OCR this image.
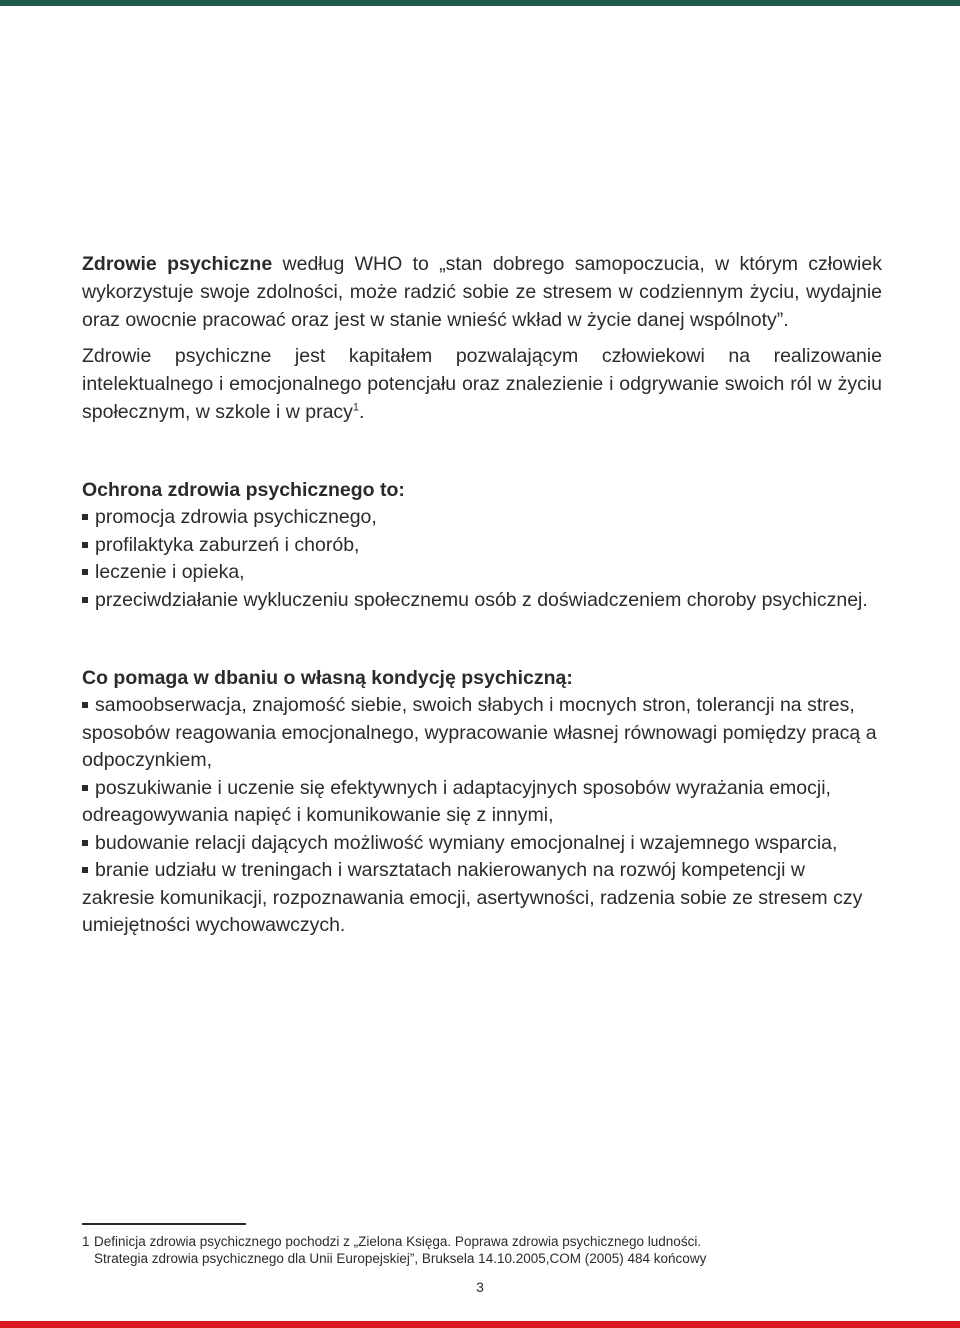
Zdrowie psychiczne według WHO to „stan dobrego samopoczucia, w którym człowiek wykorzystuje swoje zdolności, może radzić sobie ze stresem w codziennym życiu, wydajnie oraz owocnie pracować oraz jest w stanie wnieść wkład w życie danej wspólnoty”.

Zdrowie psychiczne jest kapitałem pozwalającym człowiekowi na realizowanie intelektualnego i emocjonalnego potencjału oraz znalezienie i odgrywanie swoich ról w życiu społecznym, w szkole i w pracy$^1$.

Ochrona zdrowia psychicznego to:
promocja zdrowia psychicznego,
profilaktyka zaburzeń i chorób,
leczenie i opieka,
przeciwdziałanie wykluczeniu społecznemu osób z doświadczeniem choroby psychicznej.
Co pomaga w dbaniu o własną kondycję psychiczną:
samoobserwacja, znajomość siebie, swoich słabych i mocnych stron, tolerancji na stres, sposobów reagowania emocjonalnego, wypracowanie własnej równowagi pomiędzy pracą a odpoczynkiem,
poszukiwanie i uczenie się efektywnych i adaptacyjnych sposobów wyrażania emocji, odreagowywania napięć i komunikowanie się z innymi,
budowanie relacji dających możliwość wymiany emocjonalnej i wzajemnego wsparcia,
branie udziału w treningach i warsztatach nakierowanych na rozwój kompetencji w zakresie komunikacji, rozpoznawania emocji, asertywności, radzenia sobie ze stresem czy umiejętności wychowawczych.
1 Definicja zdrowia psychicznego pochodzi z „Zielona Księga. Poprawa zdrowia psychicznego ludności.
Strategia zdrowia psychicznego dla Unii Europejskiej”, Bruksela 14.10.2005,COM (2005) 484 końcowy
3
